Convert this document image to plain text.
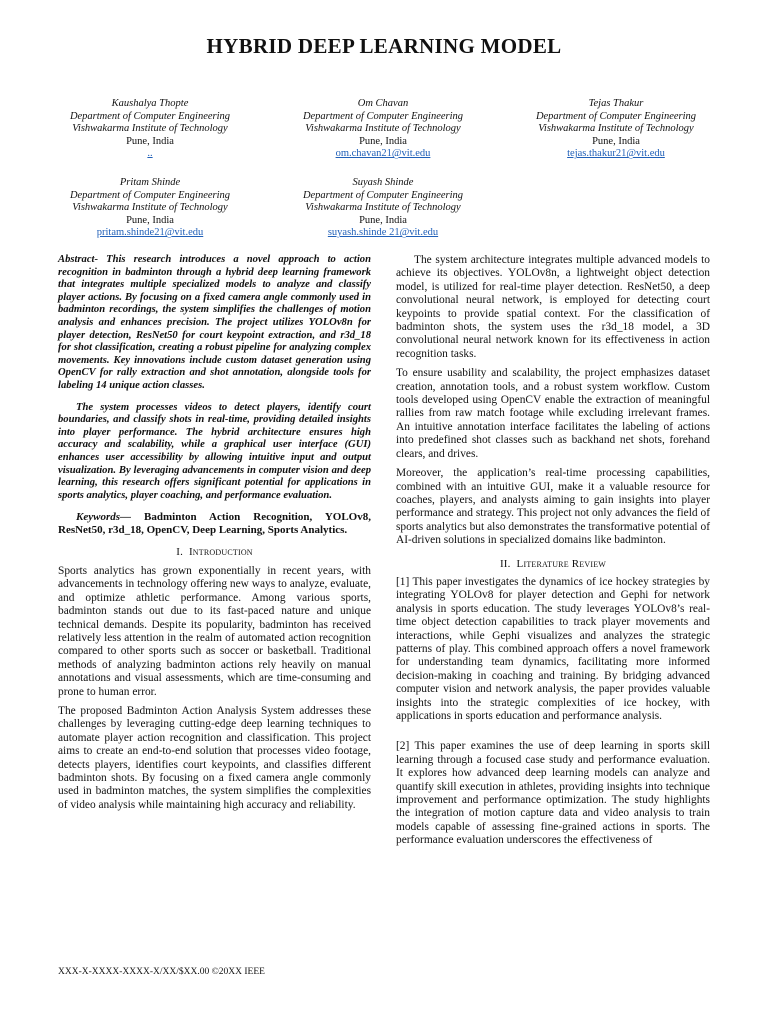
HYBRID DEEP LEARNING MODEL
Kaushalya Thopte
Department of Computer Engineering
Vishwakarma Institute of Technology
Pune, India
..
Om Chavan
Department of Computer Engineering
Vishwakarma Institute of Technology
Pune, India
om.chavan21@vit.edu
Tejas Thakur
Department of Computer Engineering
Vishwakarma Institute of Technology
Pune, India
tejas.thakur21@vit.edu
Pritam Shinde
Department of Computer Engineering
Vishwakarma Institute of Technology
Pune, India
pritam.shinde21@vit.edu
Suyash Shinde
Department of Computer Engineering
Vishwakarma Institute of Technology
Pune, India
suyash.shinde 21@vit.edu

Abstract- This research introduces a novel approach to action recognition in badminton through a hybrid deep learning framework that integrates multiple specialized models to analyze and classify player actions. By focusing on a fixed camera angle commonly used in badminton recordings, the system simplifies the challenges of motion analysis and enhances precision. The project utilizes YOLOv8n for player detection, ResNet50 for court keypoint extraction, and r3d_18 for shot classification, creating a robust pipeline for analyzing complex movements. Key innovations include custom dataset generation using OpenCV for rally extraction and shot annotation, alongside tools for labeling 14 unique action classes.

The system processes videos to detect players, identify court boundaries, and classify shots in real-time, providing detailed insights into player performance. The hybrid architecture ensures high accuracy and scalability, while a graphical user interface (GUI) enhances user accessibility by allowing intuitive input and output visualization. By leveraging advancements in computer vision and deep learning, this research offers significant potential for applications in sports analytics, player coaching, and performance evaluation.

Keywords— Badminton Action Recognition, YOLOv8, ResNet50, r3d_18, OpenCV, Deep Learning, Sports Analytics.

I. Introduction

Sports analytics has grown exponentially in recent years, with advancements in technology offering new ways to analyze, evaluate, and optimize athletic performance. Among various sports, badminton stands out due to its fast-paced nature and unique technical demands. Despite its popularity, badminton has received relatively less attention in the realm of automated action recognition compared to other sports such as soccer or basketball. Traditional methods of analyzing badminton actions rely heavily on manual annotations and visual assessments, which are time-consuming and prone to human error.

The proposed Badminton Action Analysis System addresses these challenges by leveraging cutting-edge deep learning techniques to automate player action recognition and classification. This project aims to create an end-to-end solution that processes video footage, detects players, identifies court keypoints, and classifies different badminton shots. By focusing on a fixed camera angle commonly used in badminton matches, the system simplifies the complexities of video analysis while maintaining high accuracy and reliability.

The system architecture integrates multiple advanced models to achieve its objectives. YOLOv8n, a lightweight object detection model, is utilized for real-time player detection. ResNet50, a deep convolutional neural network, is employed for detecting court keypoints to provide spatial context. For the classification of badminton shots, the system uses the r3d_18 model, a 3D convolutional neural network known for its effectiveness in action recognition tasks.

To ensure usability and scalability, the project emphasizes dataset creation, annotation tools, and a robust system workflow. Custom tools developed using OpenCV enable the extraction of meaningful rallies from raw match footage while excluding irrelevant frames. An intuitive annotation interface facilitates the labeling of actions into predefined shot classes such as backhand net shots, forehand clears, and drives.

Moreover, the application’s real-time processing capabilities, combined with an intuitive GUI, make it a valuable resource for coaches, players, and analysts aiming to gain insights into player performance and strategy. This project not only advances the field of sports analytics but also demonstrates the transformative potential of AI-driven solutions in specialized domains like badminton.

II. Literature Review

[1] This paper investigates the dynamics of ice hockey strategies by integrating YOLOv8 for player detection and Gephi for network analysis in sports education. The study leverages YOLOv8’s real-time object detection capabilities to track player movements and interactions, while Gephi visualizes and analyzes the strategic patterns of play. This combined approach offers a novel framework for understanding team dynamics, facilitating more informed decision-making in coaching and training. By bridging advanced computer vision and network analysis, the paper provides valuable insights into the strategic complexities of ice hockey, with applications in sports education and performance analysis.

[2] This paper examines the use of deep learning in sports skill learning through a focused case study and performance evaluation. It explores how advanced deep learning models can analyze and quantify skill execution in athletes, providing insights into technique improvement and performance optimization. The study highlights the integration of motion capture data and video analysis to train models capable of assessing fine-grained actions in sports. The performance evaluation underscores the effectiveness of

XXX-X-XXXX-XXXX-X/XX/$XX.00 ©20XX IEEE
